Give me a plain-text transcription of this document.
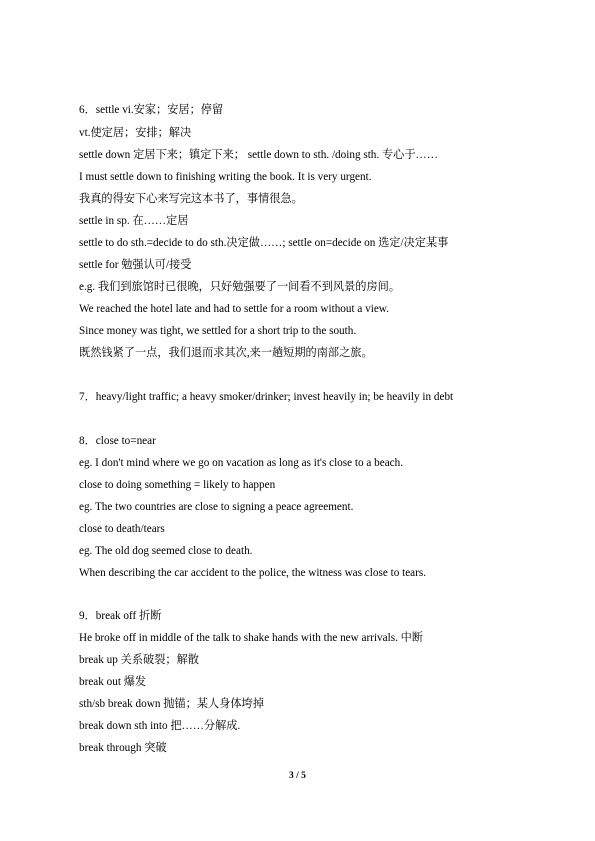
6．settle vi.安家；安居；停留
vt.使定居；安排；解决
settle down 定居下来；镇定下来； settle down to sth. /doing sth. 专心于……
I must settle down to finishing writing the book. It is very urgent.
我真的得安下心来写完这本书了，事情很急。
settle in sp. 在……定居
settle to do sth.=decide to do sth.决定做……; settle on=decide on 选定/决定某事
settle for 勉强认可/接受
e.g. 我们到旅馆时已很晚，只好勉强要了一间看不到风景的房间。
We reached the hotel late and had to settle for a room without a view.
Since money was tight, we settled for a short trip to the south.
既然钱紧了一点，我们退而求其次,来一趟短期的南部之旅。
7．heavy/light traffic; a heavy smoker/drinker; invest heavily in; be heavily in debt
8．close to=near
eg. I don't mind where we go on vacation as long as it's close to a beach.
close to doing something = likely to happen
eg. The two countries are close to signing a peace agreement.
close to death/tears
eg. The old dog seemed close to death.
When describing the car accident to the police, the witness was close to tears.
9．break off 折断
He broke off in middle of the talk to shake hands with the new arrivals. 中断
break up 关系破裂；解散
break out 爆发
sth/sb break down 抛锚；某人身体垮掉
break down sth into 把……分解成.
break through 突破
3 / 5
